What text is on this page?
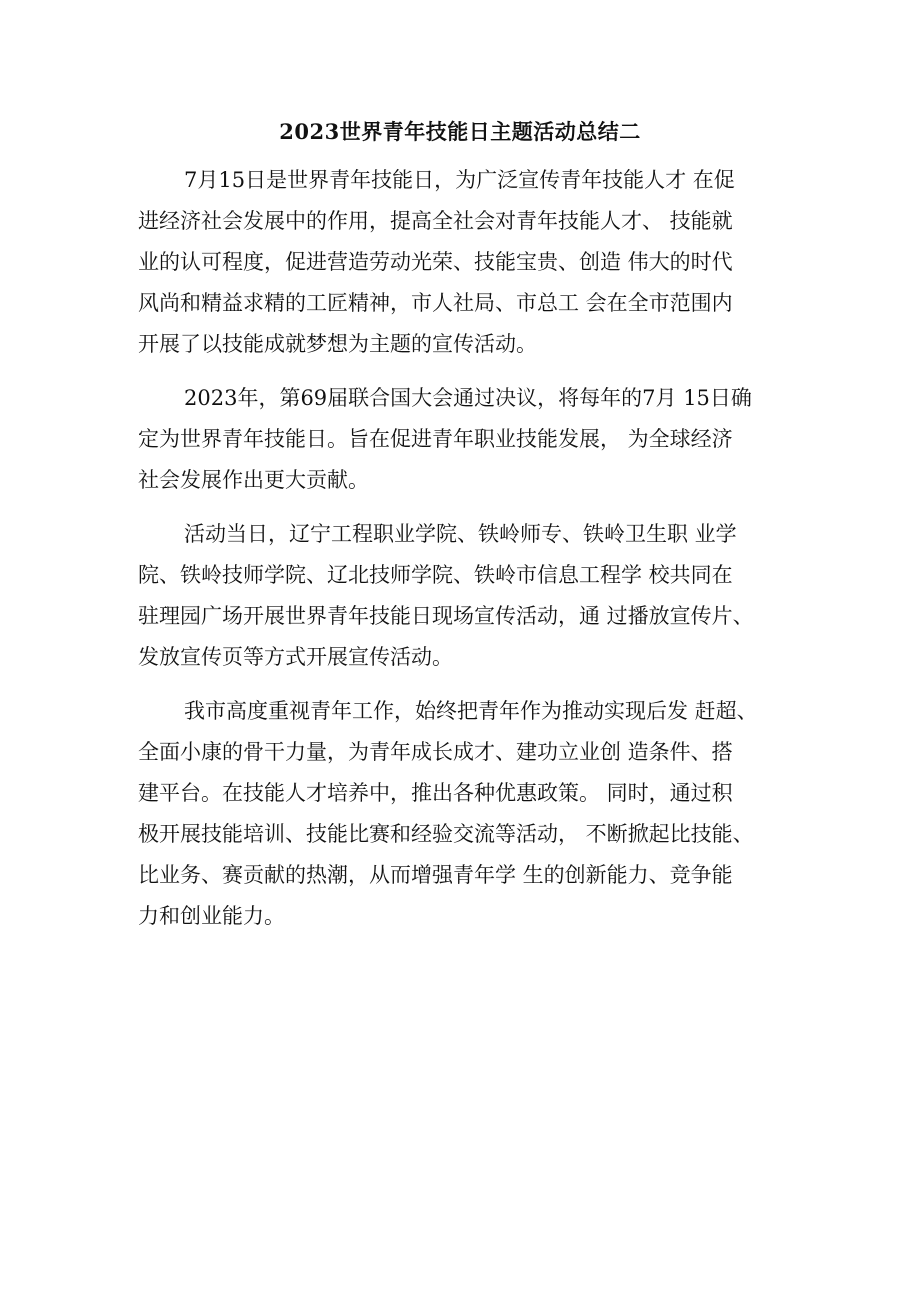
2023世界青年技能日主题活动总结二

7月15日是世界青年技能日，为广泛宣传青年技能人才 在促
进经济社会发展中的作用，提高全社会对青年技能人才、 技能就
业的认可程度，促进营造劳动光荣、技能宝贵、创造 伟大的时代
风尚和精益求精的工匠精神，市人社局、市总工 会在全市范围内
开展了以技能成就梦想为主题的宣传活动。

2023年，第69届联合国大会通过决议，将每年的7月 15日确
定为世界青年技能日。旨在促进青年职业技能发展， 为全球经济
社会发展作出更大贡献。

活动当日，辽宁工程职业学院、铁岭师专、铁岭卫生职 业学
院、铁岭技师学院、辽北技师学院、铁岭市信息工程学 校共同在
驻理园广场开展世界青年技能日现场宣传活动，通 过播放宣传片、
发放宣传页等方式开展宣传活动。

我市高度重视青年工作，始终把青年作为推动实现后发 赶超、
全面小康的骨干力量，为青年成长成才、建功立业创 造条件、搭
建平台。在技能人才培养中，推出各种优惠政策。 同时，通过积
极开展技能培训、技能比赛和经验交流等活动， 不断掀起比技能、
比业务、赛贡献的热潮，从而增强青年学 生的创新能力、竞争能
力和创业能力。
